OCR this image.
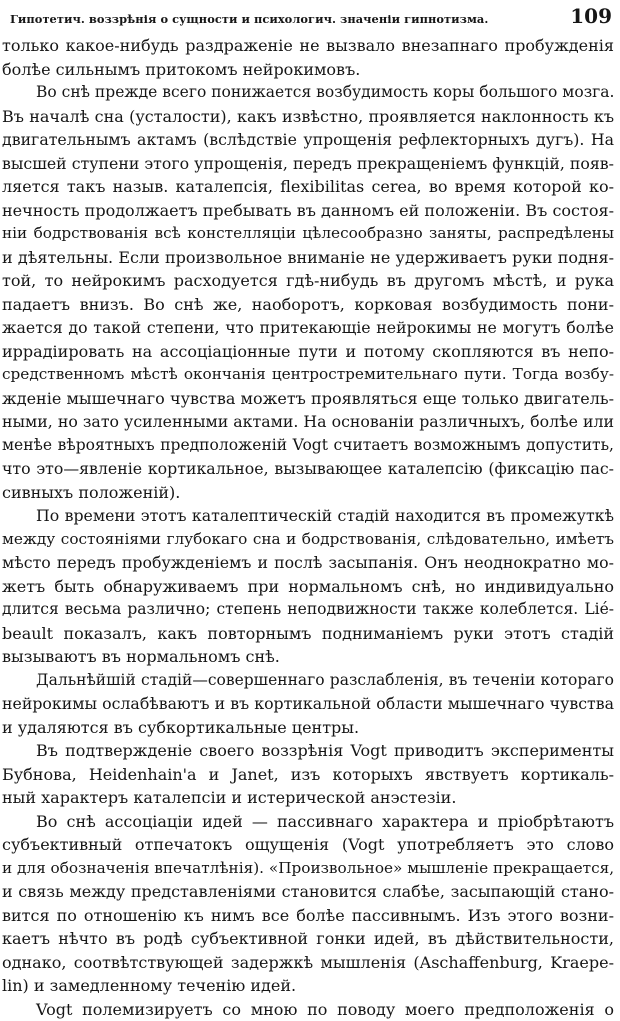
Гипотетич. воззрѣнія о сущности и психологич. значеніи гипнотизма.	109
только какое-нибудь раздраженіе не вызвало внезапнаго пробужденія
болѣе сильнымъ притокомъ нейрокимовъ.
Во снѣ прежде всего понижается возбудимость коры большого мозга.
Въ началѣ сна (усталости), какъ извѣстно, проявляется наклонность къ
двигательнымъ актамъ (вслѣдствіе упрощенія рефлекторныхъ дугъ). На
высшей ступени этого упрощенія, передъ прекращеніемъ функцій, появ-
ляется такъ назыв. каталепсія, flexibilitas cerea, во время которой ко-
нечность продолжаетъ пребывать въ данномъ ей положеніи. Въ состоя-
ніи бодрствованія всѣ констелляціи цѣлесообразно заняты, распредѣлены
и дѣятельны. Если произвольное вниманіе не удерживаетъ руки подня-
той, то нейрокимъ расходуется гдѣ-нибудь въ другомъ мѣстѣ, и рука
падаетъ внизъ. Во снѣ же, наоборотъ, корковая возбудимость пони-
жается до такой степени, что притекающіе нейрокимы не могутъ болѣе
иррадіировать на ассоціаціонные пути и потому скопляются въ непо-
средственномъ мѣстѣ окончанія центростремительнаго пути. Тогда возбу-
жденіе мышечнаго чувства можетъ проявляться еще только двигатель-
ными, но зато усиленными актами. На основаніи различныхъ, болѣе или
менѣе вѣроятныхъ предположеній Vogt считаетъ возможнымъ допустить,
что это—явленіе кортикальное, вызывающее каталепсію (фиксацію пас-
сивныхъ положеній).
По времени этотъ каталептическій стадій находится въ промежуткѣ
между состояніями глубокаго сна и бодрствованія, слѣдовательно, имѣетъ
мѣсто передъ пробужденіемъ и послѣ засыпанія. Онъ неоднократно мо-
жетъ быть обнаруживаемъ при нормальномъ снѣ, но индивидуально
длится весьма различно; степень неподвижности также колеблется. Lié-
beault показалъ, какъ повторнымъ подниманіемъ руки этотъ стадій
вызываютъ въ нормальномъ снѣ.
Дальнѣйшій стадій—совершеннаго разслабленія, въ теченіи котораго
нейрокимы ослабѣваютъ и въ кортикальной области мышечнаго чувства
и удаляются въ субкортикальные центры.
Въ подтвержденіе своего воззрѣнія Vogt приводитъ эксперименты
Бубнова, Heidenhain'a и Janet, изъ которыхъ явствуетъ кортикаль-
ный характеръ каталепсіи и истерической анэстезіи.
Во снѣ ассоціаціи идей — пассивнаго характера и пріобрѣтаютъ
субъективный отпечатокъ ощущенія (Vogt употребляетъ это слово
и для обозначенія впечатлѣнія). «Произвольное» мышленіе прекращается,
и связь между представленіями становится слабѣе, засыпающій стано-
вится по отношенію къ нимъ все болѣе пассивнымъ. Изъ этого возни-
каетъ нѣчто въ родѣ субъективной гонки идей, въ дѣйствительности,
однако, соотвѣтствующей задержкѣ мышленія (Aschaffenburg, Kraepe-
lin) и замедленному теченію идей.
Vogt полемизируетъ со мною по поводу моего предположенія о
